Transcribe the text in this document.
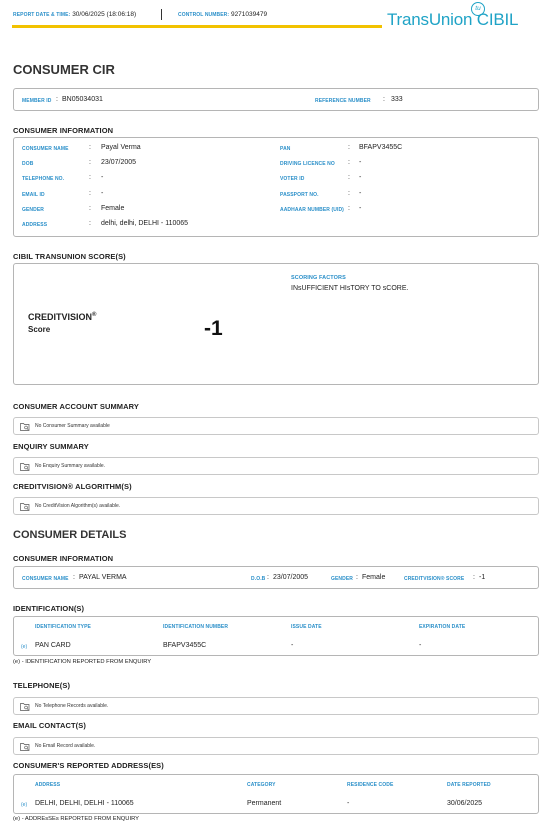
REPORT DATE & TIME: 30/06/2025 (18:06:18)	CONTROL NUMBER: 9271039479
tu
TransUnion CIBIL
CONSUMER CIR
MEMBER ID : BN05034031	REFERENCE NUMBER : 333
CONSUMER INFORMATION
CONSUMER NAME	: Payal Verma
DOB	: 23/07/2005
TELEPHONE NO.	: -
EMAIL ID	: -
GENDER	: Female
ADDRESS	: delhi, delhi, DELHI - 110065
PAN	: BFAPV3455C
DRIVING LICENCE NO	: -
VOTER ID	: -
PASSPORT NO.	: -
AADHAAR NUMBER (UID) : -
CIBIL TRANSUNION SCORE(S)
CREDITVISION®
Score	-1
SCORING FACTORS
INsUFFICIENT HIsTORY TO sCORE.
CONSUMER ACCOUNT SUMMARY
No Consumer Summary available
ENQUIRY SUMMARY
No Enquiry Summary available.
CREDITVISION® ALGORITHM(S)
No CreditVision Algorithm(s) available.
CONSUMER DETAILS
CONSUMER INFORMATION
CONSUMER NAME : PAYAL VERMA	D.O.B : 23/07/2005	GENDER : Female	CREDITVISION® SCORE : -1
IDENTIFICATION(S)
IDENTIFICATION TYPE	IDENTIFICATION NUMBER	ISSUE DATE	EXPIRATION DATE
(e) PAN CARD	BFAPV3455C	-	-
(e) - IDENTIFICATION REPORTED FROM ENQUIRY
TELEPHONE(S)
No Telephone Records available.
EMAIL CONTACT(S)
No Email Record available.
CONSUMER'S REPORTED ADDRESS(ES)
ADDRESS	CATEGORY	RESIDENCE CODE	DATE REPORTED
(e) DELHI, DELHI, DELHI - 110065	Permanent	-	30/06/2025
(e) - ADDREsSEs REPORTED FROM ENQUIRY
